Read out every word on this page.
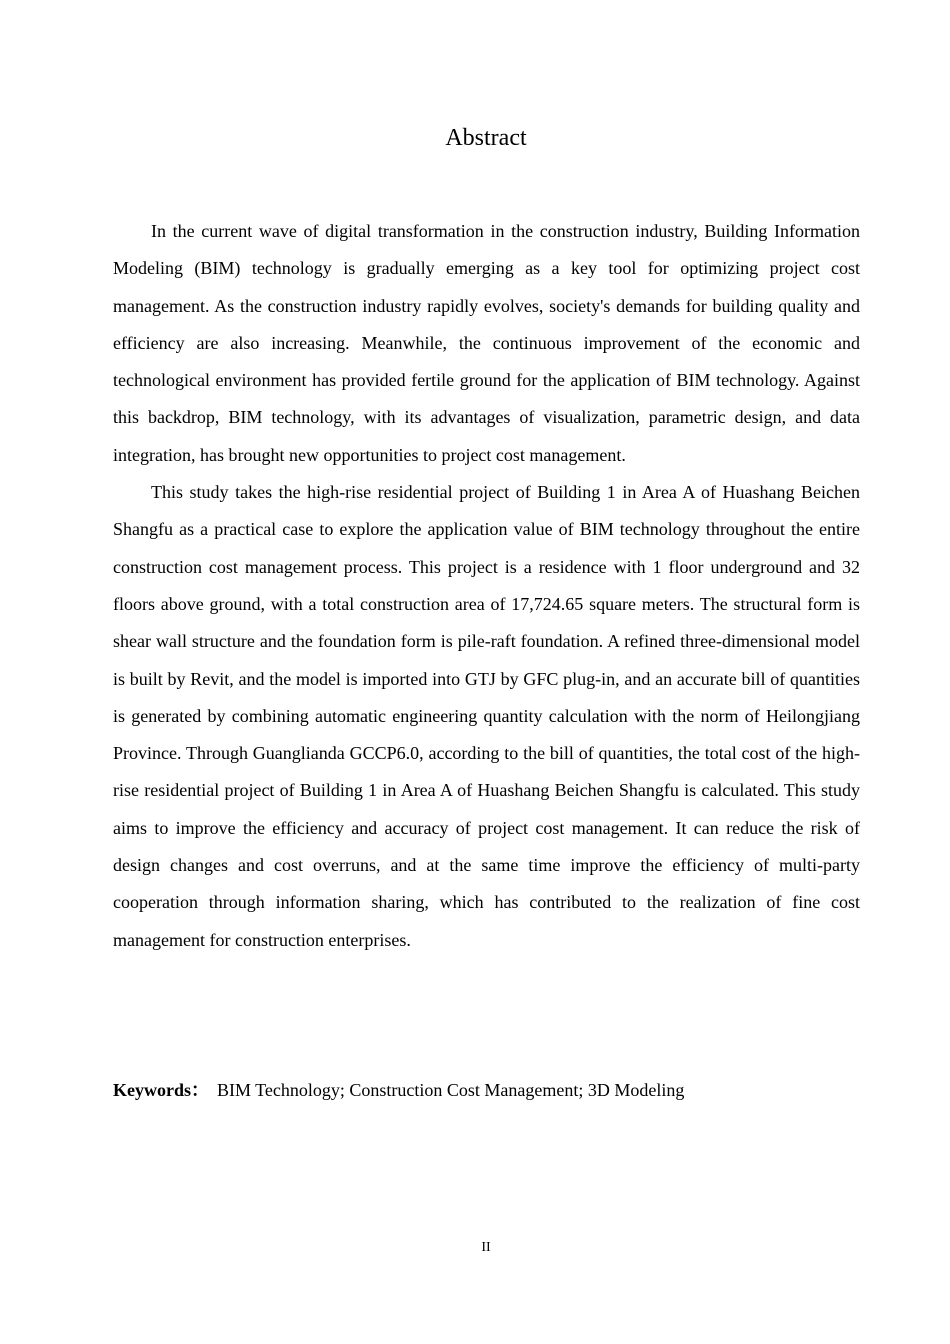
Abstract

In the current wave of digital transformation in the construction industry, Building Information Modeling (BIM) technology is gradually emerging as a key tool for optimizing project cost management. As the construction industry rapidly evolves, society's demands for building quality and efficiency are also increasing. Meanwhile, the continuous improvement of the economic and technological environment has provided fertile ground for the application of BIM technology. Against this backdrop, BIM technology, with its advantages of visualization, parametric design, and data integration, has brought new opportunities to project cost management.

This study takes the high-rise residential project of Building 1 in Area A of Huashang Beichen Shangfu as a practical case to explore the application value of BIM technology throughout the entire construction cost management process. This project is a residence with 1 floor underground and 32 floors above ground, with a total construction area of 17,724.65 square meters. The structural form is shear wall structure and the foundation form is pile-raft foundation. A refined three-dimensional model is built by Revit, and the model is imported into GTJ by GFC plug-in, and an accurate bill of quantities is generated by combining automatic engineering quantity calculation with the norm of Heilongjiang Province. Through Guanglianda GCCP6.0, according to the bill of quantities, the total cost of the high-rise residential project of Building 1 in Area A of Huashang Beichen Shangfu is calculated. This study aims to improve the efficiency and accuracy of project cost management. It can reduce the risk of design changes and cost overruns, and at the same time improve the efficiency of multi-party cooperation through information sharing, which has contributed to the realization of fine cost management for construction enterprises.

Keywords： BIM Technology; Construction Cost Management; 3D Modeling
II
